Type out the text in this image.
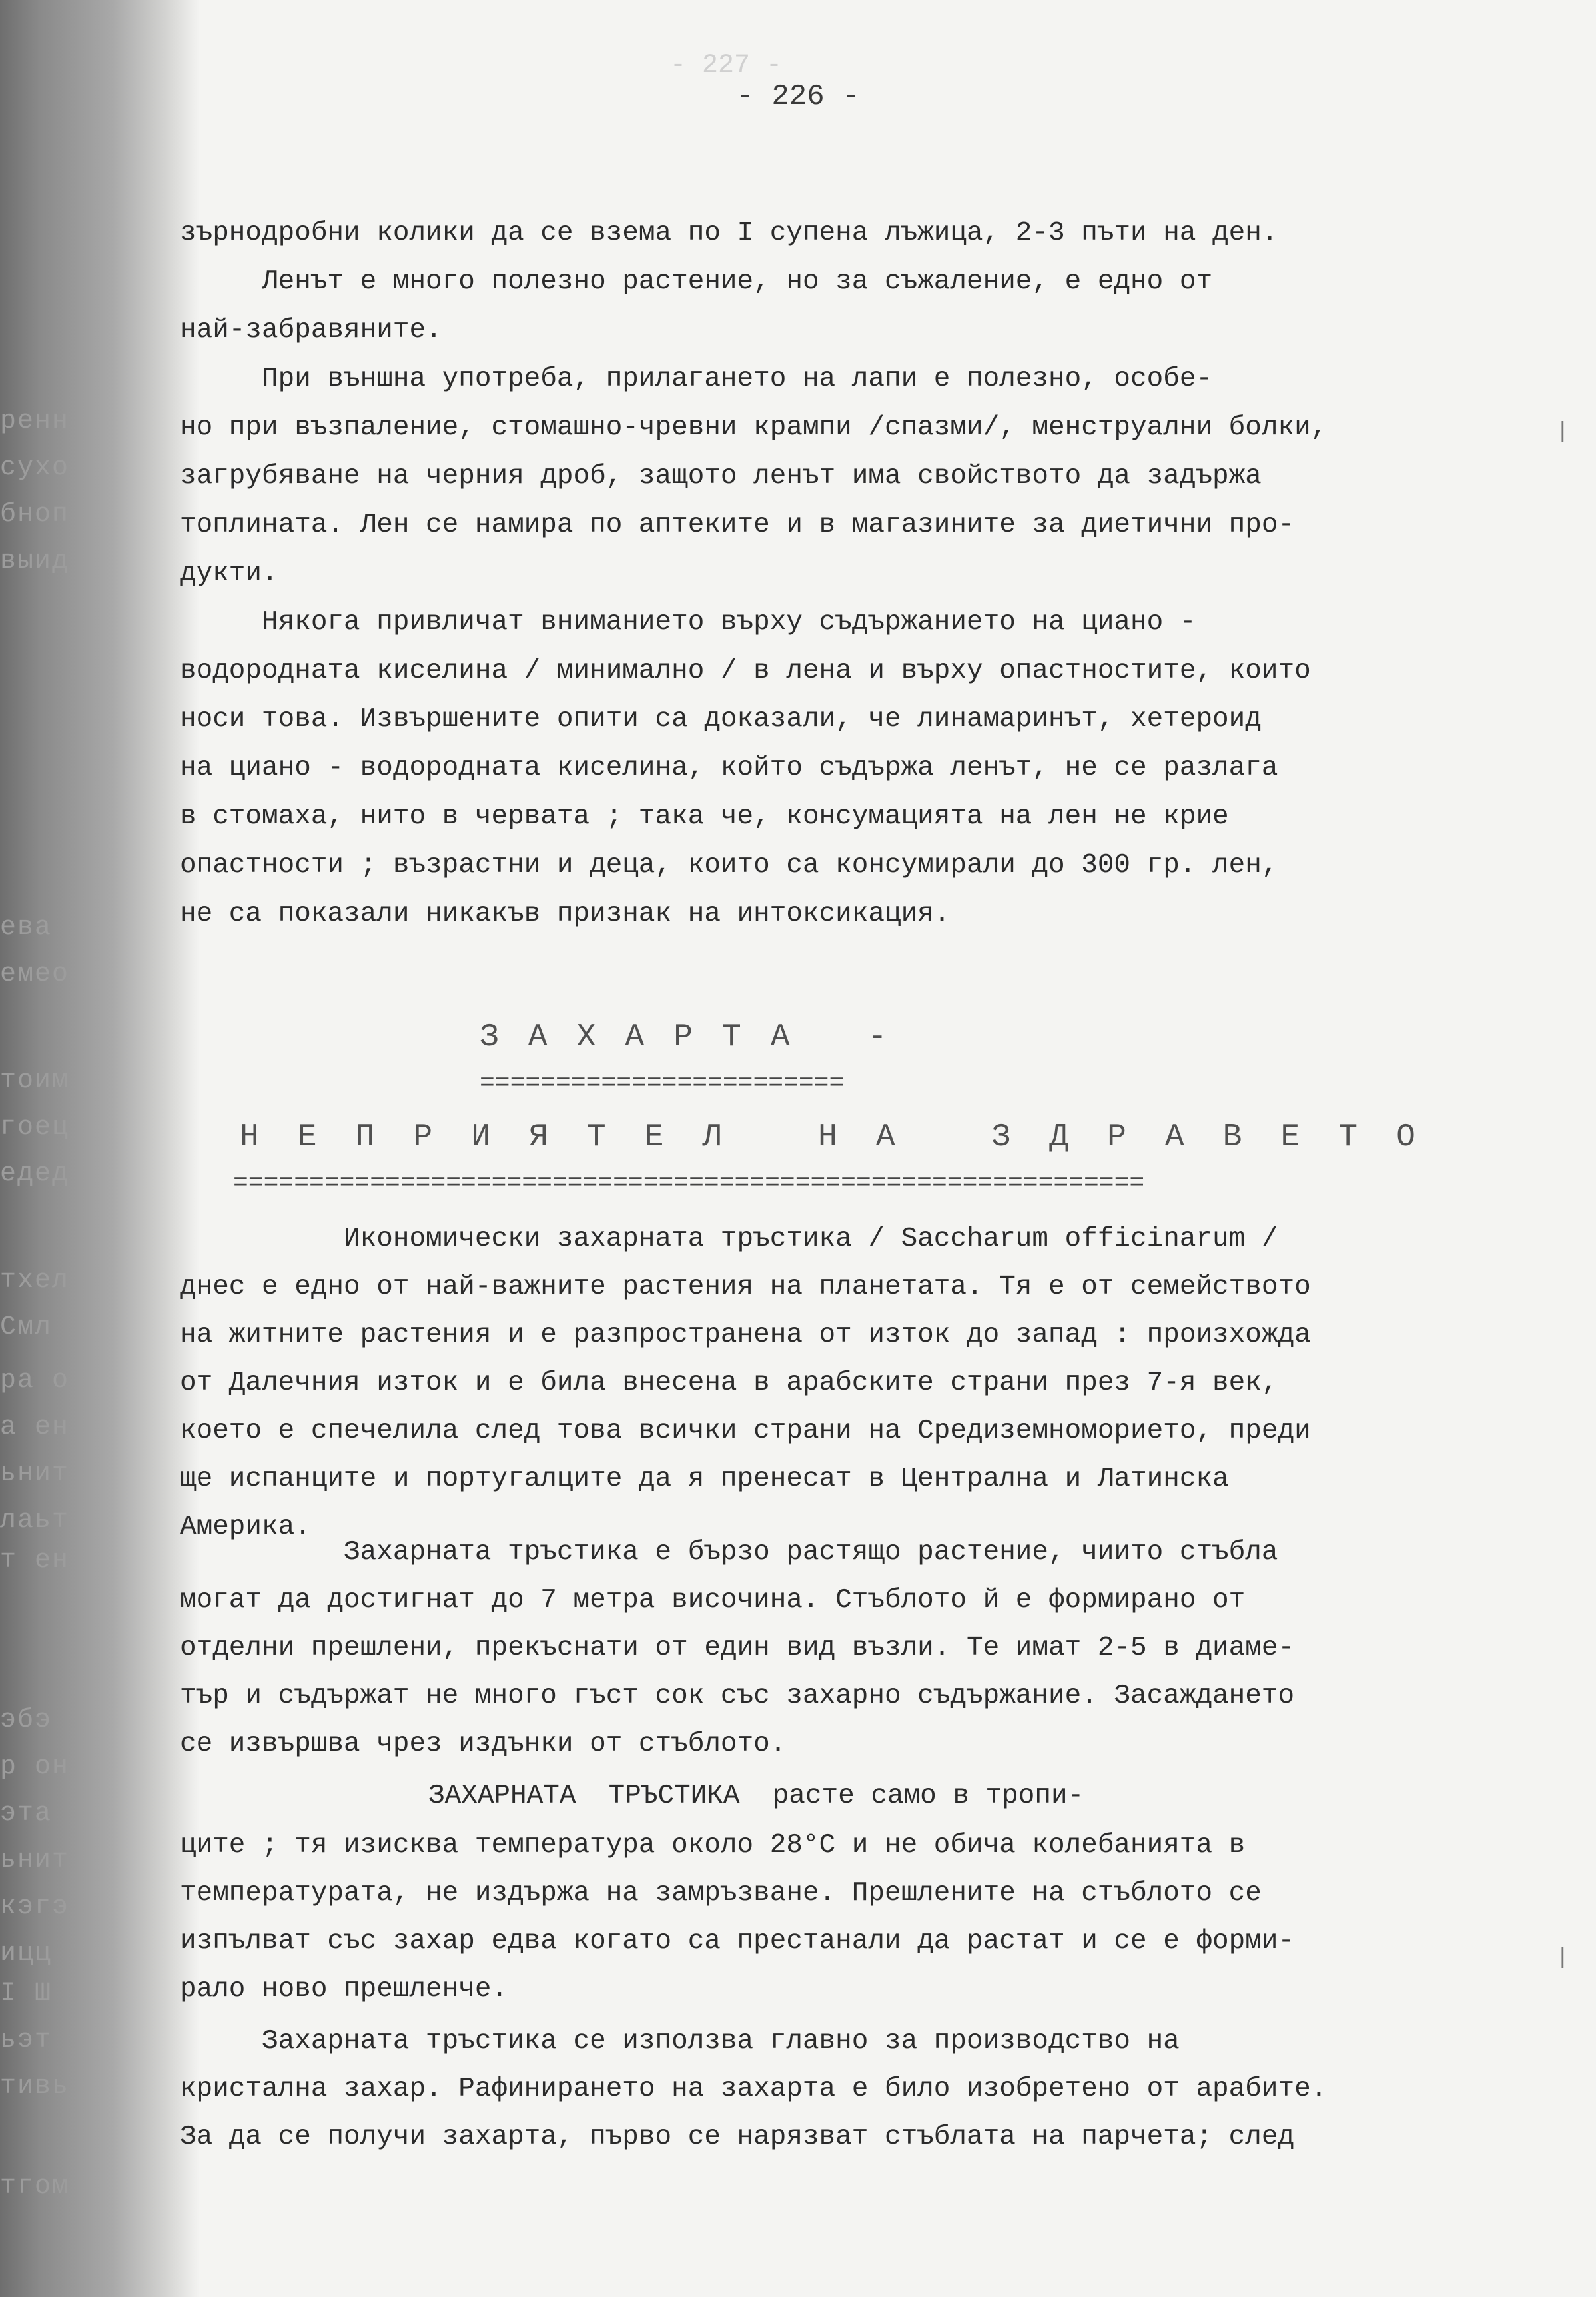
- 227 -
- 226 -
зърнодробни колики да се взема по I супена лъжица, 2-3 пъти на ден.
Ленът е много полезно растение, но за съжаление, е едно от
най-забравяните.
При външна употреба, прилагането на лапи е полезно, особе-
но при възпаление, стомашно-чревни крампи /спазми/, менструални болки,
загрубяване на черния дроб, защото ленът има свойството да задържа
топлината. Лен се намира по аптеките и в магазините за диетични про-
дукти.
Някога привличат вниманието върху съдържанието на циано -
водородната киселина / минимално / в лена и върху опастностите, които
носи това. Извършените опити са доказали, че линамаринът, хетероид
на циано - водородната киселина, който съдържа ленът, не се разлага
в стомаха, нито в червата ; така че, консумацията на лен не крие
опастности ; възрастни и деца, които са консумирали до 300 гр. лен,
не са показали никакъв признак на интоксикация.
ЗАХАРТА -
========================
НЕПРИЯТЕЛ НА ЗДРАВЕТО
============================================================
Икономически захарната тръстика / Saccharum officinarum /
днес е едно от най-важните растения на планетата. Тя е от семейството
на житните растения и е разпространена от изток до запад : произхожда
от Далечния изток и е била внесена в арабските страни през 7-я век,
което е спечелила след това всички страни на Средиземноморието, преди
ще испанците и португалците да я пренесат в Централна и Латинска
Америка.
Захарната тръстика е бързо растящо растение, чиито стъбла
могат да достигнат до 7 метра височина. Стъблото й е формирано от
отделни прешлени, прекъснати от един вид възли. Те имат 2-5 в диаме-
тър и съдържат не много гъст сок със захарно съдържание. Засаждането
се извършва чрез издънки от стъблото.
ЗАХАРНАТА  ТРЪСТИКА  расте само в тропи-
ците ; тя изисква температура около 28°C и не обича колебанията в
температурата, не издържа на замръзване. Прешлените на стъблото се
изпълват със захар едва когато са престанали да растат и се е форми-
рало ново прешленче.
Захарната тръстика се използва главно за производство на
кристална захар. Рафинирането на захарта е било изобретено от арабите.
За да се получи захарта, първо се нарязват стъблата на парчета; след
ренн
сухо
бноп
выид
ева
емео
тоим
гоец
едед
тхел
Смл
ра о
а ен
ьнит
лаьт
т ен
эбэ
р он
эта
ьнит
кэгэ
ицц
I Ш
ьэт
тивь
тгом
|
|
